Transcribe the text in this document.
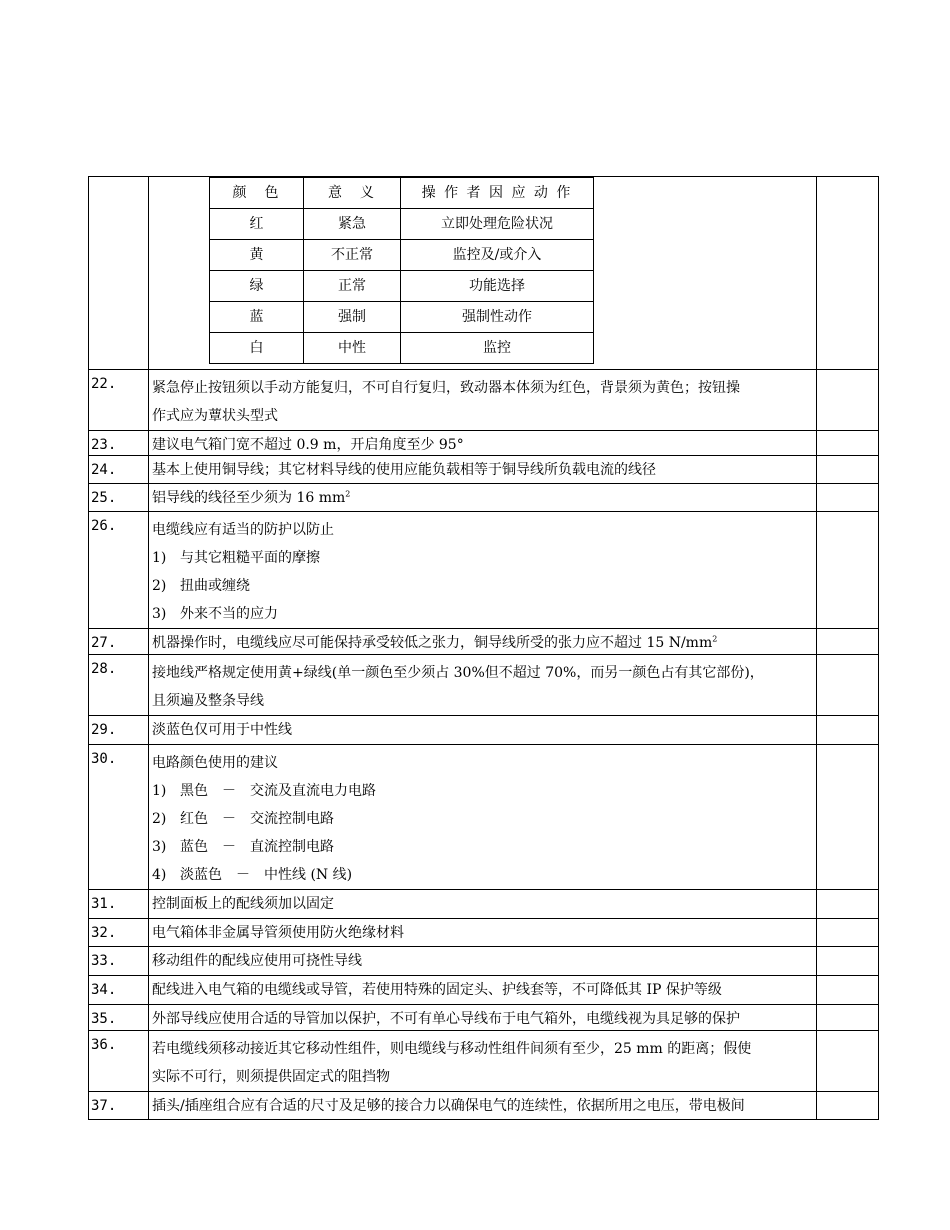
颜　色	意　义	操 作 者 因 应 动 作
红	紧急	立即处理危险状况
黄	不正常	监控及/或介入
绿	正常	功能选择
蓝	强制	强制性动作
白	中性	监控

22.	紧急停止按钮须以手动方能复归，不可自行复归，致动器本体须为红色，背景须为黄色；按钮操
作式应为蕈状头型式

23.	建议电气箱门宽不超过 0.9 m，开启角度至少 95°	
24.	基本上使用铜导线；其它材料导线的使用应能负载相等于铜导线所负载电流的线径	
25.	铝导线的线径至少须为 16 $mm^2$	
26.	电缆线应有适当的防护以防止
1) 与其它粗糙平面的摩擦
2) 扭曲或缠绕
3) 外来不当的应力

27.	机器操作时，电缆线应尽可能保持承受较低之张力，铜导线所受的张力应不超过 15 $N/mm^2$	
28.	接地线严格规定使用黄+绿线(单一颜色至少须占 30%但不超过 70%，而另一颜色占有其它部份)，
且须遍及整条导线

29.	淡蓝色仅可用于中性线	
30.	电路颜色使用的建议
1) 黑色　－　交流及直流电力电路
2) 红色　－　交流控制电路
3) 蓝色　－　直流控制电路
4) 淡蓝色　－　中性线 (N 线)

31.	控制面板上的配线须加以固定	
32.	电气箱体非金属导管须使用防火绝缘材料	
33.	移动组件的配线应使用可挠性导线	
34.	配线进入电气箱的电缆线或导管，若使用特殊的固定头、护线套等，不可降低其 IP 保护等级	
35.	外部导线应使用合适的导管加以保护，不可有单心导线布于电气箱外，电缆线视为具足够的保护	
36.	若电缆线须移动接近其它移动性组件，则电缆线与移动性组件间须有至少，25 mm 的距离；假使
实际不可行，则须提供固定式的阻挡物

37.	插头/插座组合应有合适的尺寸及足够的接合力以确保电气的连续性，依据所用之电压，带电极间	
